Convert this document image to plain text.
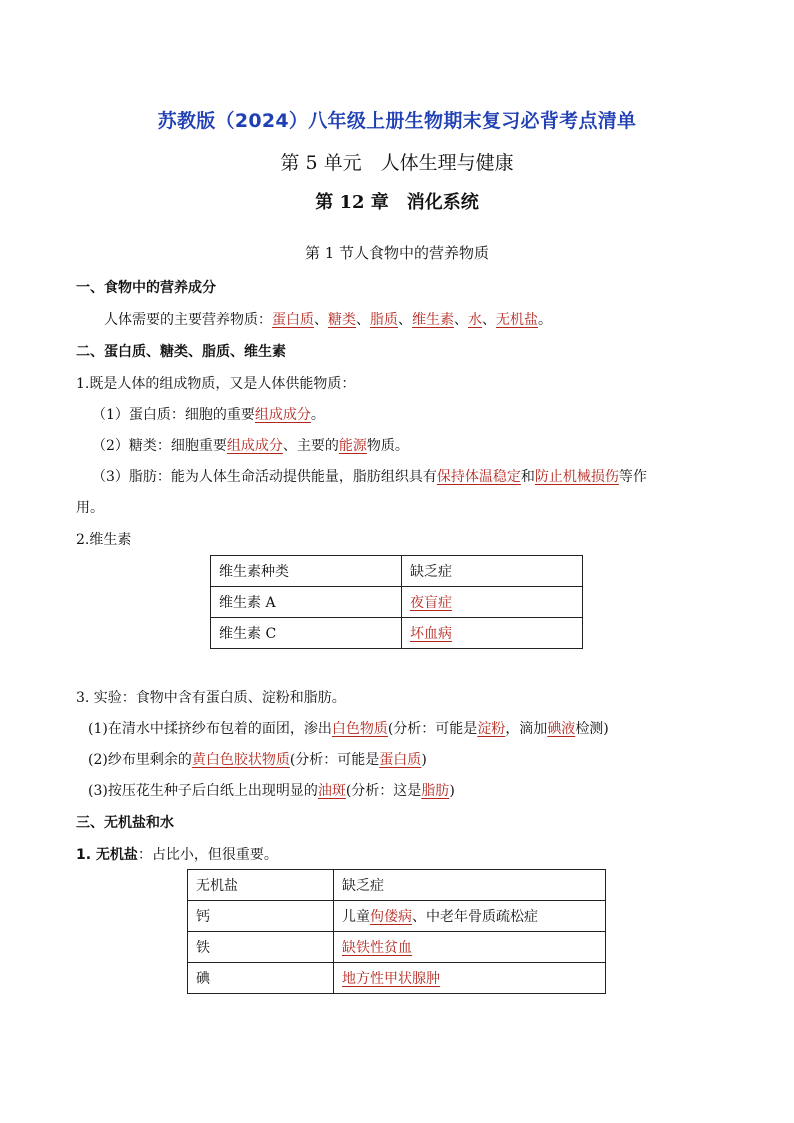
苏教版（2024）八年级上册生物期末复习必背考点清单
第 5 单元　人体生理与健康
第 12 章　消化系统
第 1 节人食物中的营养物质
一、食物中的营养成分
人体需要的主要营养物质：蛋白质、糖类、脂质、维生素、水、无机盐。
二、蛋白质、糖类、脂质、维生素
1.既是人体的组成物质，又是人体供能物质：
（1）蛋白质：细胞的重要组成成分。
（2）糖类：细胞重要组成成分、主要的能源物质。
（3）脂肪：能为人体生命活动提供能量，脂肪组织具有保持体温稳定和防止机械损伤等作
用。
2.维生素
维生素种类	缺乏症
维生素 A	夜盲症
维生素 C	坏血病
3. 实验：食物中含有蛋白质、淀粉和脂肪。
(1)在清水中揉挤纱布包着的面团，渗出白色物质(分析：可能是淀粉，滴加碘液检测)
(2)纱布里剩余的黄白色胶状物质(分析：可能是蛋白质)
(3)按压花生种子后白纸上出现明显的油斑(分析：这是脂肪)
三、无机盐和水
1. 无机盐：占比小，但很重要。
无机盐	缺乏症
钙	儿童佝偻病、中老年骨质疏松症
铁	缺铁性贫血
碘	地方性甲状腺肿
